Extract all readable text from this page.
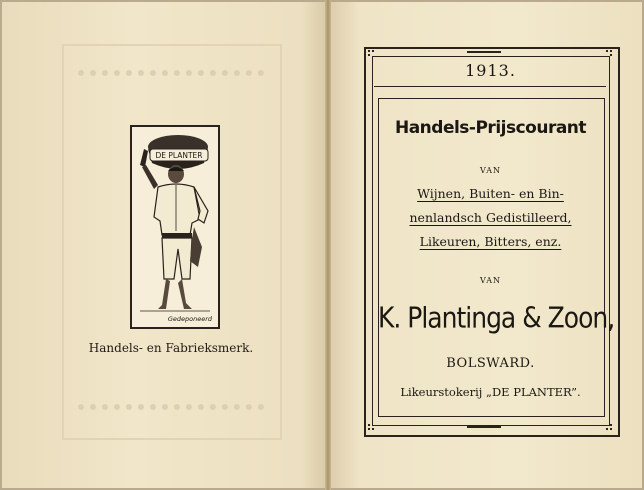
DE PLANTER
Gedeponeerd
Handels- en Fabrieksmerk.
1913.
Handels-Prijscourant
VAN
Wijnen, Buiten- en Bin-
nenlandsch Gedistilleerd,
Likeuren, Bitters, enz.
VAN
K. Plantinga & Zoon,
BOLSWARD.
Likeurstokerij „DE PLANTER”.
